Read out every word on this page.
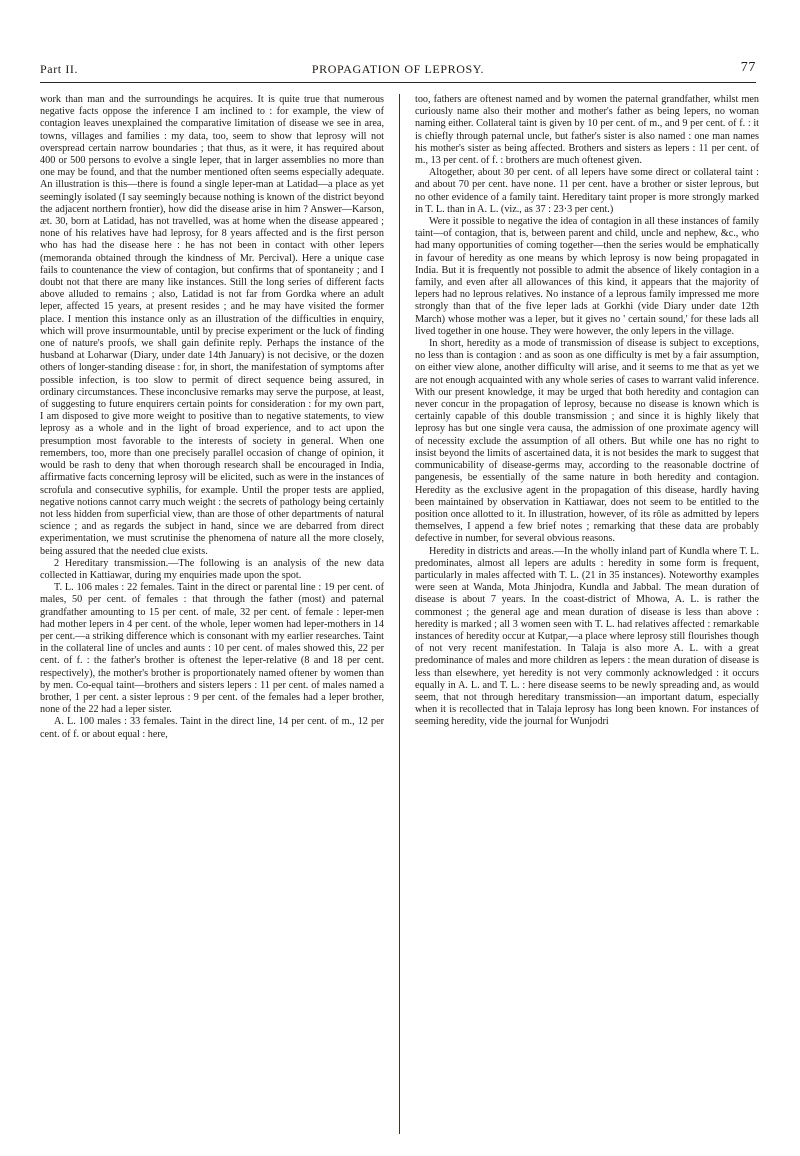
Part II.	PROPAGATION OF LEPROSY.	77

work than man and the surroundings he acquires. It is quite true that numerous negative facts oppose the inference I am inclined to : for example, the view of contagion leaves unexplained the comparative limitation of disease we see in area, towns, villages and families : my data, too, seem to show that leprosy will not overspread certain narrow boundaries ; that thus, as it were, it has required about 400 or 500 persons to evolve a single leper, that in larger assemblies no more than one may be found, and that the number mentioned often seems especially adequate. An illustration is this—there is found a single leper-man at Latidad—a place as yet seemingly isolated (I say seemingly because nothing is known of the district beyond the adjacent northern frontier), how did the disease arise in him ? Answer—Karson, æt. 30, born at Latidad, has not travelled, was at home when the disease appeared ; none of his relatives have had leprosy, for 8 years affected and is the first person who has had the disease here : he has not been in contact with other lepers (memoranda obtained through the kindness of Mr. Percival). Here a unique case fails to countenance the view of contagion, but confirms that of spontaneity ; and I doubt not that there are many like instances. Still the long series of different facts above alluded to remains ; also, Latidad is not far from Gordka where an adult leper, affected 15 years, at present resides ; and he may have visited the former place. I mention this instance only as an illustration of the difficulties in enquiry, which will prove insurmountable, until by precise experiment or the luck of finding one of nature's proofs, we shall gain definite reply. Perhaps the instance of the husband at Loharwar (Diary, under date 14th January) is not decisive, or the dozen others of longer-standing disease : for, in short, the manifestation of symptoms after possible infection, is too slow to permit of direct sequence being assured, in ordinary circumstances. These inconclusive remarks may serve the purpose, at least, of suggesting to future enquirers certain points for consideration : for my own part, I am disposed to give more weight to positive than to negative statements, to view leprosy as a whole and in the light of broad experience, and to act upon the presumption most favorable to the interests of society in general. When one remembers, too, more than one precisely parallel occasion of change of opinion, it would be rash to deny that when thorough research shall be encouraged in India, affirmative facts concerning leprosy will be elicited, such as were in the instances of scrofula and consecutive syphilis, for example. Until the proper tests are applied, negative notions cannot carry much weight : the secrets of pathology being certainly not less hidden from superficial view, than are those of other departments of natural science ; and as regards the subject in hand, since we are debarred from direct experimentation, we must scrutinise the phenomena of nature all the more closely, being assured that the needed clue exists.

2 Hereditary transmission.—The following is an analysis of the new data collected in Kattiawar, during my enquiries made upon the spot.

T. L. 106 males : 22 females. Taint in the direct or parental line : 19 per cent. of males, 50 per cent. of females : that through the father (most) and paternal grandfather amounting to 15 per cent. of male, 32 per cent. of female : leper-men had mother lepers in 4 per cent. of the whole, leper women had leper-mothers in 14 per cent.—a striking difference which is consonant with my earlier researches. Taint in the collateral line of uncles and aunts : 10 per cent. of males showed this, 22 per cent. of f. : the father's brother is oftenest the leper-relative (8 and 18 per cent. respectively), the mother's brother is proportionately named oftener by women than by men. Co-equal taint—brothers and sisters lepers : 11 per cent. of males named a brother, 1 per cent. a sister leprous : 9 per cent. of the females had a leper brother, none of the 22 had a leper sister.

A. L. 100 males : 33 females. Taint in the direct line, 14 per cent. of m., 12 per cent. of f. or about equal : here,

too, fathers are oftenest named and by women the paternal grandfather, whilst men curiously name also their mother and mother's father as being lepers, no woman naming either. Collateral taint is given by 10 per cent. of m., and 9 per cent. of f. : it is chiefly through paternal uncle, but father's sister is also named : one man names his mother's sister as being affected. Brothers and sisters as lepers : 11 per cent. of m., 13 per cent. of f. : brothers are much oftenest given.

Altogether, about 30 per cent. of all lepers have some direct or collateral taint : and about 70 per cent. have none. 11 per cent. have a brother or sister leprous, but no other evidence of a family taint. Hereditary taint proper is more strongly marked in T. L. than in A. L. (viz., as 37 : 23·3 per cent.)

Were it possible to negative the idea of contagion in all these instances of family taint—of contagion, that is, between parent and child, uncle and nephew, &c., who had many opportunities of coming together—then the series would be emphatically in favour of heredity as one means by which leprosy is now being propagated in India. But it is frequently not possible to admit the absence of likely contagion in a family, and even after all allowances of this kind, it appears that the majority of lepers had no leprous relatives. No instance of a leprous family impressed me more strongly than that of the five leper lads at Gorkhi (vide Diary under date 12th March) whose mother was a leper, but it gives no ' certain sound,' for these lads all lived together in one house. They were however, the only lepers in the village.

In short, heredity as a mode of transmission of disease is subject to exceptions, no less than is contagion : and as soon as one difficulty is met by a fair assumption, on either view alone, another difficulty will arise, and it seems to me that as yet we are not enough acquainted with any whole series of cases to warrant valid inference. With our present knowledge, it may be urged that both heredity and contagion can never concur in the propagation of leprosy, because no disease is known which is certainly capable of this double transmission ; and since it is highly likely that leprosy has but one single vera causa, the admission of one proximate agency will of necessity exclude the assumption of all others. But while one has no right to insist beyond the limits of ascertained data, it is not besides the mark to suggest that communicability of disease-germs may, according to the reasonable doctrine of pangenesis, be essentially of the same nature in both heredity and contagion. Heredity as the exclusive agent in the propagation of this disease, hardly having been maintained by observation in Kattiawar, does not seem to be entitled to the position once allotted to it. In illustration, however, of its rôle as admitted by lepers themselves, I append a few brief notes ; remarking that these data are probably defective in number, for several obvious reasons.

Heredity in districts and areas.—In the wholly inland part of Kundla where T. L. predominates, almost all lepers are adults : heredity in some form is frequent, particularly in males affected with T. L. (21 in 35 instances). Noteworthy examples were seen at Wanda, Mota Jhinjodra, Kundla and Jabbal. The mean duration of disease is about 7 years. In the coast-district of Mhowa, A. L. is rather the commonest ; the general age and mean duration of disease is less than above : heredity is marked ; all 3 women seen with T. L. had relatives affected : remarkable instances of heredity occur at Kutpar,—a place where leprosy still flourishes though of not very recent manifestation. In Talaja is also more A. L. with a great predominance of males and more children as lepers : the mean duration of disease is less than elsewhere, yet heredity is not very commonly acknowledged : it occurs equally in A. L. and T. L. : here disease seems to be newly spreading and, as would seem, that not through hereditary transmission—an important datum, especially when it is recollected that in Talaja leprosy has long been known. For instances of seeming heredity, vide the journal for Wunjodri
